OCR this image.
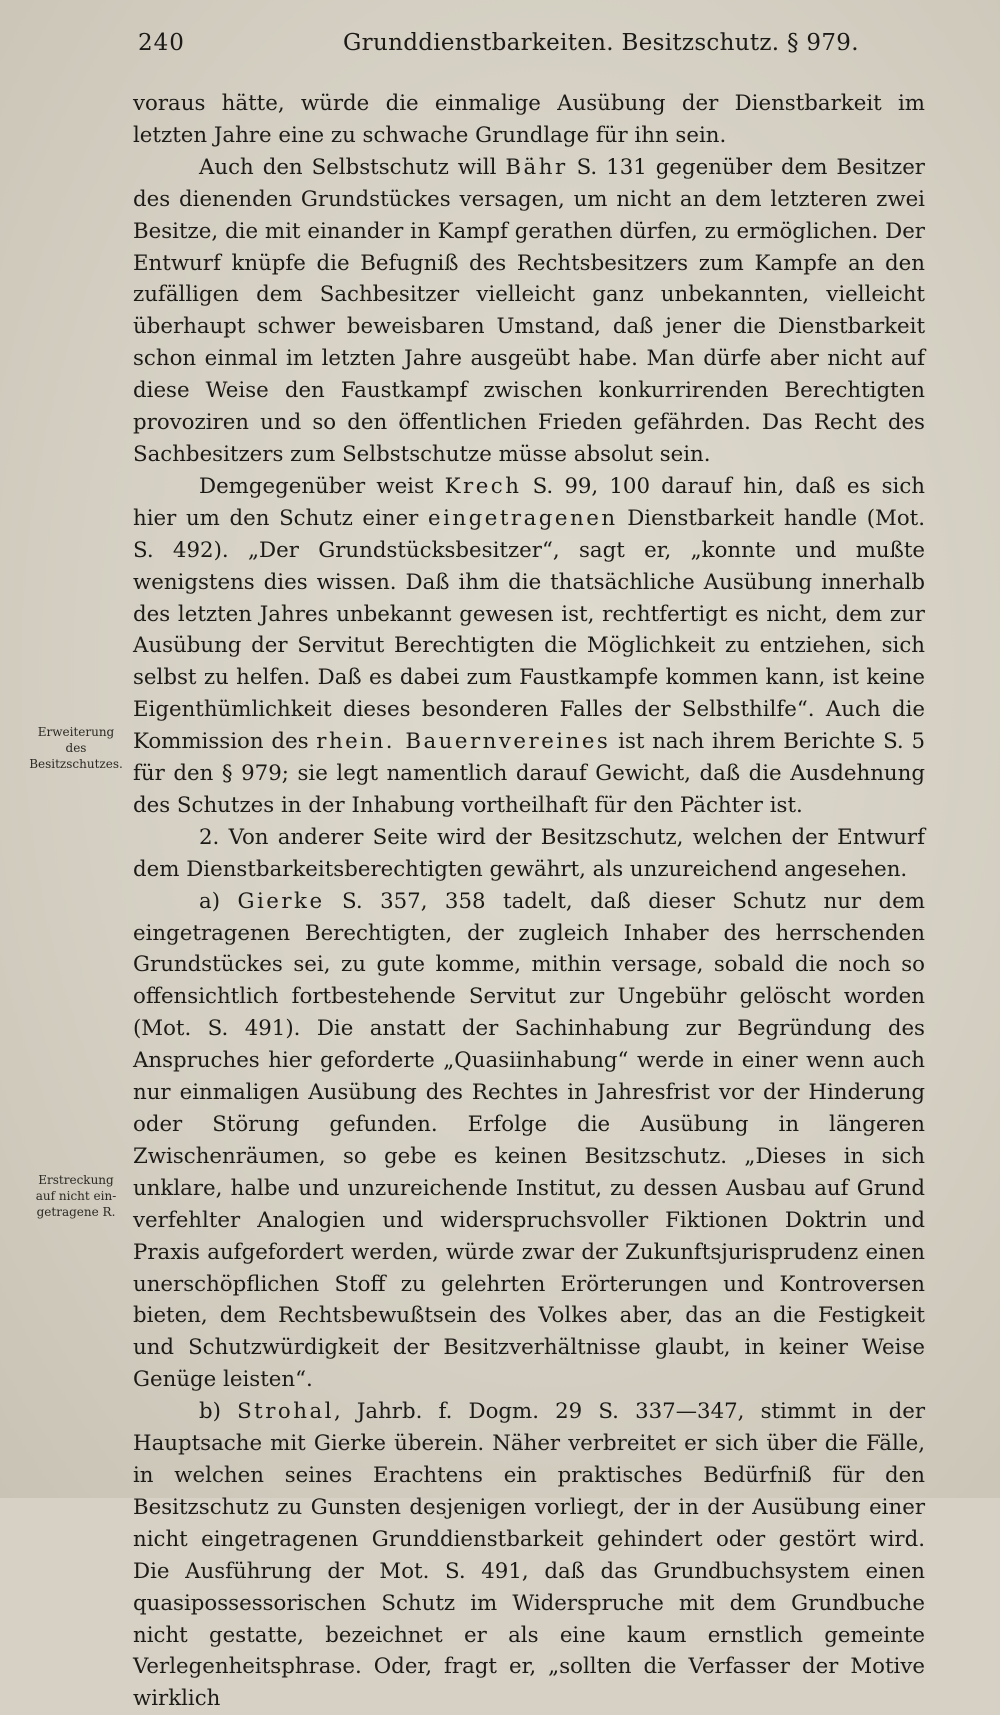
240	Grunddienstbarkeiten. Besitzschutz. § 979.
Erweiterung
des
Besitzschutzes.
Erstreckung
auf nicht ein-
getragene R.

voraus hätte, würde die einmalige Ausübung der Dienstbarkeit im letzten Jahre eine zu schwache Grundlage für ihn sein.

Auch den Selbstschutz will Bähr S. 131 gegenüber dem Besitzer des dienenden Grundstückes versagen, um nicht an dem letzteren zwei Besitze, die mit einander in Kampf gerathen dürfen, zu ermöglichen. Der Entwurf knüpfe die Befugniß des Rechtsbesitzers zum Kampfe an den zufälligen dem Sachbesitzer vielleicht ganz unbekannten, vielleicht überhaupt schwer beweisbaren Umstand, daß jener die Dienstbarkeit schon einmal im letzten Jahre ausgeübt habe. Man dürfe aber nicht auf diese Weise den Faustkampf zwischen konkurrirenden Berechtigten provoziren und so den öffentlichen Frieden gefährden. Das Recht des Sachbesitzers zum Selbstschutze müsse absolut sein.

Demgegenüber weist Krech S. 99, 100 darauf hin, daß es sich hier um den Schutz einer eingetragenen Dienstbarkeit handle (Mot. S. 492). „Der Grundstücksbesitzer“, sagt er, „konnte und mußte wenigstens dies wissen. Daß ihm die thatsächliche Ausübung innerhalb des letzten Jahres unbekannt gewesen ist, rechtfertigt es nicht, dem zur Ausübung der Servitut Berechtigten die Möglichkeit zu entziehen, sich selbst zu helfen. Daß es dabei zum Faustkampfe kommen kann, ist keine Eigenthümlichkeit dieses besonderen Falles der Selbsthilfe“. Auch die Kommission des rhein. Bauernvereines ist nach ihrem Berichte S. 5 für den § 979; sie legt namentlich darauf Gewicht, daß die Ausdehnung des Schutzes in der Inhabung vortheilhaft für den Pächter ist.

2. Von anderer Seite wird der Besitzschutz, welchen der Entwurf dem Dienstbarkeitsberechtigten gewährt, als unzureichend angesehen.

a) Gierke S. 357, 358 tadelt, daß dieser Schutz nur dem eingetragenen Berechtigten, der zugleich Inhaber des herrschenden Grundstückes sei, zu gute komme, mithin versage, sobald die noch so offensichtlich fortbestehende Servitut zur Ungebühr gelöscht worden (Mot. S. 491). Die anstatt der Sachinhabung zur Begründung des Anspruches hier geforderte „Quasiinhabung“ werde in einer wenn auch nur einmaligen Ausübung des Rechtes in Jahresfrist vor der Hinderung oder Störung gefunden. Erfolge die Ausübung in längeren Zwischenräumen, so gebe es keinen Besitzschutz. „Dieses in sich unklare, halbe und unzureichende Institut, zu dessen Ausbau auf Grund verfehlter Analogien und widerspruchsvoller Fiktionen Doktrin und Praxis aufgefordert werden, würde zwar der Zukunftsjurisprudenz einen unerschöpflichen Stoff zu gelehrten Erörterungen und Kontroversen bieten, dem Rechtsbewußtsein des Volkes aber, das an die Festigkeit und Schutzwürdigkeit der Besitzverhältnisse glaubt, in keiner Weise Genüge leisten“.

b) Strohal, Jahrb. f. Dogm. 29 S. 337—347, stimmt in der Hauptsache mit Gierke überein. Näher verbreitet er sich über die Fälle, in welchen seines Erachtens ein praktisches Bedürfniß für den Besitzschutz zu Gunsten desjenigen vorliegt, der in der Ausübung einer nicht eingetragenen Grunddienstbarkeit gehindert oder gestört wird. Die Ausführung der Mot. S. 491, daß das Grundbuchsystem einen quasipossessorischen Schutz im Widerspruche mit dem Grundbuche nicht gestatte, bezeichnet er als eine kaum ernstlich gemeinte Verlegenheitsphrase. Oder, fragt er, „sollten die Verfasser der Motive wirklich
